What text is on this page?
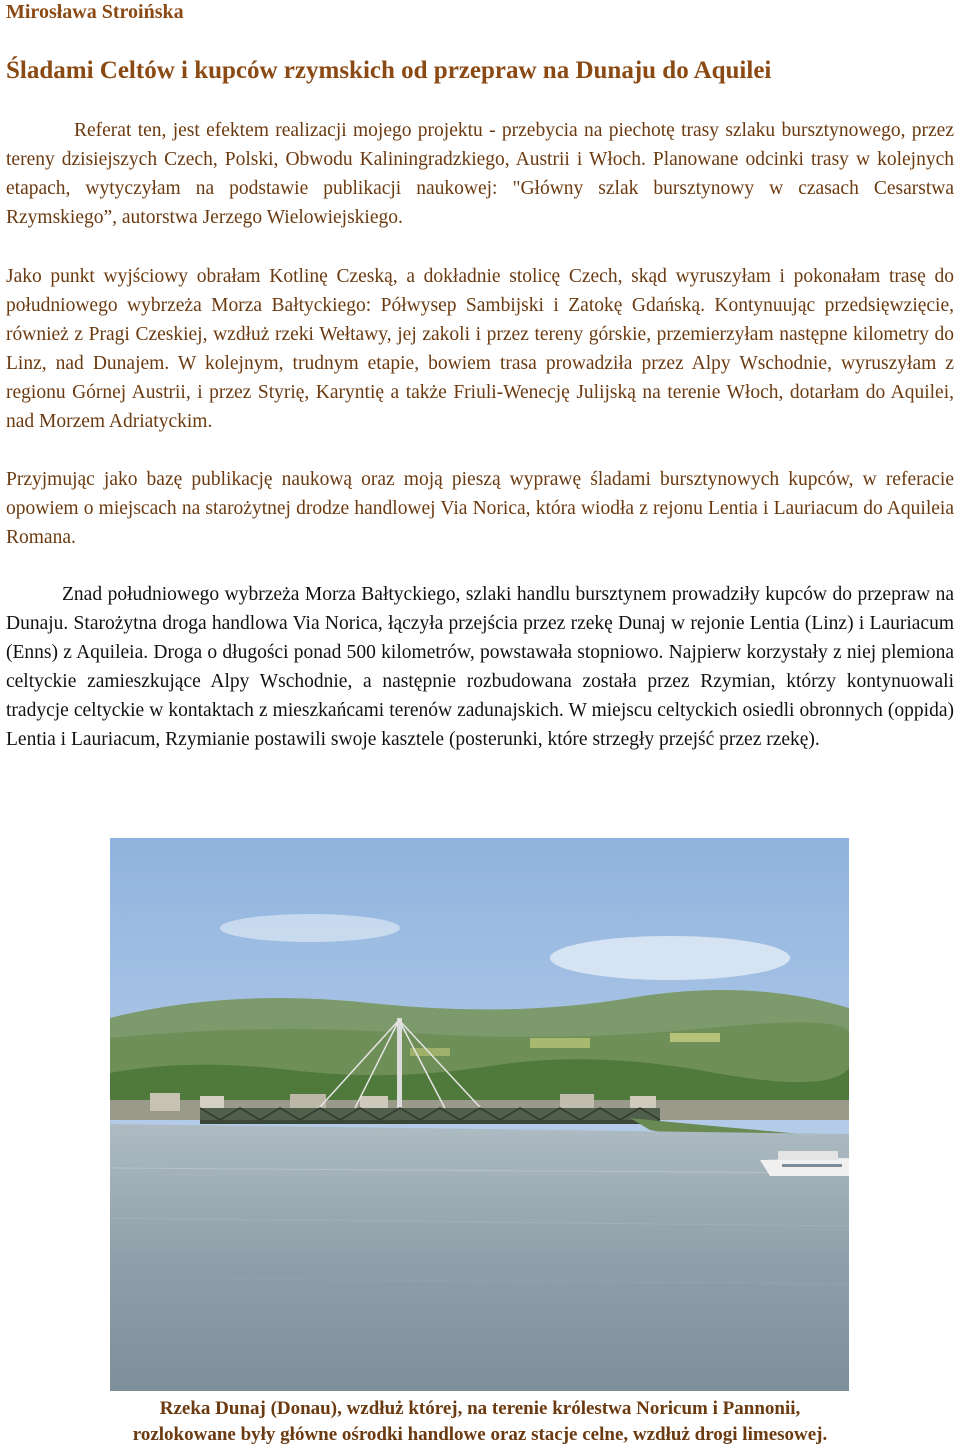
Mirosława Stroińska
Śladami Celtów i kupców rzymskich od przepraw na Dunaju do Aquilei

Referat ten, jest efektem realizacji mojego projektu - przebycia na piechotę trasy szlaku bursztynowego, przez tereny dzisiejszych Czech, Polski, Obwodu Kaliningradzkiego, Austrii i Włoch. Planowane odcinki trasy w kolejnych etapach, wytyczyłam na podstawie publikacji naukowej: "Główny szlak bursztynowy w czasach Cesarstwa Rzymskiego”, autorstwa Jerzego Wielowiejskiego.

Jako punkt wyjściowy obrałam Kotlinę Czeską, a dokładnie stolicę Czech, skąd wyruszyłam i pokonałam trasę do południowego wybrzeża Morza Bałtyckiego: Półwysep Sambijski i Zatokę Gdańską. Kontynuując przedsięwzięcie, również z Pragi Czeskiej, wzdłuż rzeki Wełtawy, jej zakoli i przez tereny górskie, przemierzyłam następne kilometry do Linz, nad Dunajem. W kolejnym, trudnym etapie, bowiem trasa prowadziła przez Alpy Wschodnie, wyruszyłam z regionu Górnej Austrii, i przez Styrię, Karyntię a także Friuli-Wenecję Julijską na terenie Włoch, dotarłam do Aquilei, nad Morzem Adriatyckim.

Przyjmując jako bazę publikację naukową oraz moją pieszą wyprawę śladami bursztynowych kupców, w referacie opowiem o miejscach na starożytnej drodze handlowej Via Norica, która wiodła z rejonu Lentia i Lauriacum do Aquileia Romana.

Znad południowego wybrzeża Morza Bałtyckiego, szlaki handlu bursztynem prowadziły kupców do przepraw na Dunaju. Starożytna droga handlowa Via Norica, łączyła przejścia przez rzekę Dunaj w rejonie Lentia (Linz) i Lauriacum (Enns) z Aquileia. Droga o długości ponad 500 kilometrów, powstawała stopniowo. Najpierw korzystały z niej plemiona celtyckie zamieszkujące Alpy Wschodnie, a następnie rozbudowana została przez Rzymian, którzy kontynuowali tradycje celtyckie w kontaktach z mieszkańcami terenów zadunajskich. W miejscu celtyckich osiedli obronnych (oppida) Lentia i Lauriacum, Rzymianie postawili swoje kasztele (posterunki, które strzegły przejść przez rzekę).

Rzeka Dunaj (Donau), wzdłuż której, na terenie królestwa Noricum i Pannonii,
rozlokowane były główne ośrodki handlowe oraz stacje celne, wzdłuż drogi limesowej.
